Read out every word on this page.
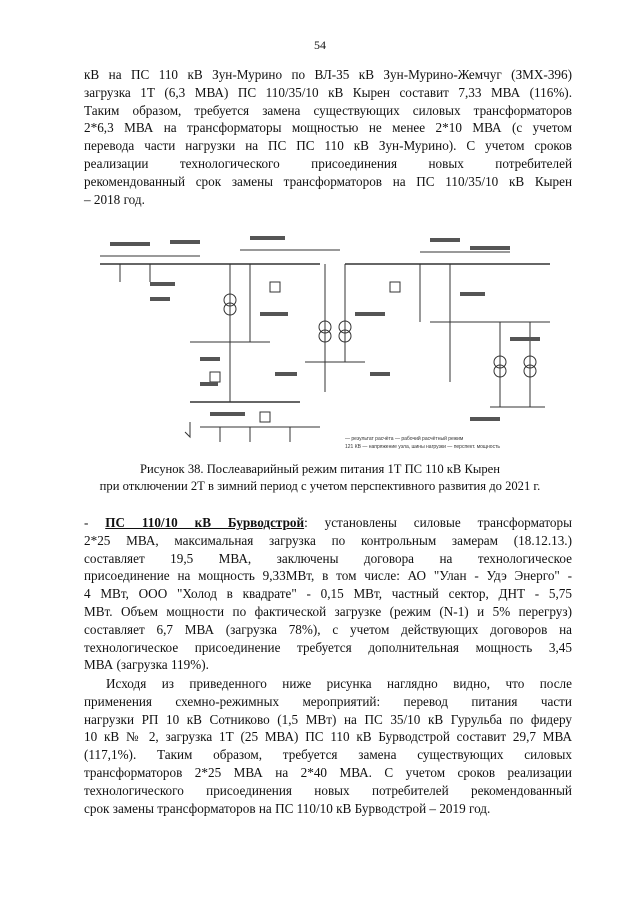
54
кВ на ПС 110 кВ Зун-Мурино по ВЛ-35 кВ Зун-Мурино-Жемчуг (ЗМХ-396)
загрузка 1Т (6,3 МВА) ПС 110/35/10 кВ Кырен составит 7,33 МВА (116%).
Таким образом, требуется замена существующих силовых трансформаторов
2*6,3 МВА на трансформаторы мощностью не менее 2*10 МВА (с учетом
перевода части нагрузки на ПС ПС 110 кВ Зун-Мурино). С учетом сроков
реализации технологического присоединения новых потребителей
рекомендованный срок замены трансформаторов на ПС 110/35/10 кВ Кырен
– 2018 год.
— результат расчёта — рабочий расчётный режим
121 КВ — напряжение узла, шины нагрузки — перспект. мощность
Рисунок 38. Послеаварийный режим питания 1Т ПС 110 кВ Кырен
при отключении 2Т в зимний период с учетом перспективного развития до 2021 г.
- ПС 110/10 кВ Бурводстрой: установлены силовые трансформаторы
2*25 МВА, максимальная загрузка по контрольным замерам (18.12.13.)
составляет 19,5 МВА, заключены договора на технологическое
присоединение на мощность 9,33МВт, в том числе: АО "Улан - Удэ Энерго" -
4 МВт, ООО "Холод в квадрате" - 0,15 МВт, частный сектор, ДНТ - 5,75
МВт. Объем мощности по фактической загрузке (режим (N-1) и 5% перегруз)
составляет 6,7 МВА (загрузка 78%), с учетом действующих договоров на
технологическое присоединение требуется дополнительная мощность 3,45
МВА (загрузка 119%).
Исходя из приведенного ниже рисунка наглядно видно, что после
применения схемно-режимных мероприятий: перевод питания части
нагрузки РП 10 кВ Сотниково (1,5 МВт) на ПС 35/10 кВ Гурульба по фидеру
10 кВ № 2, загрузка 1Т (25 МВА) ПС 110 кВ Бурводстрой составит 29,7 МВА
(117,1%). Таким образом, требуется замена существующих силовых
трансформаторов 2*25 МВА на 2*40 МВА. С учетом сроков реализации
технологического присоединения новых потребителей рекомендованный
срок замены трансформаторов на ПС 110/10 кВ Бурводстрой – 2019 год.
